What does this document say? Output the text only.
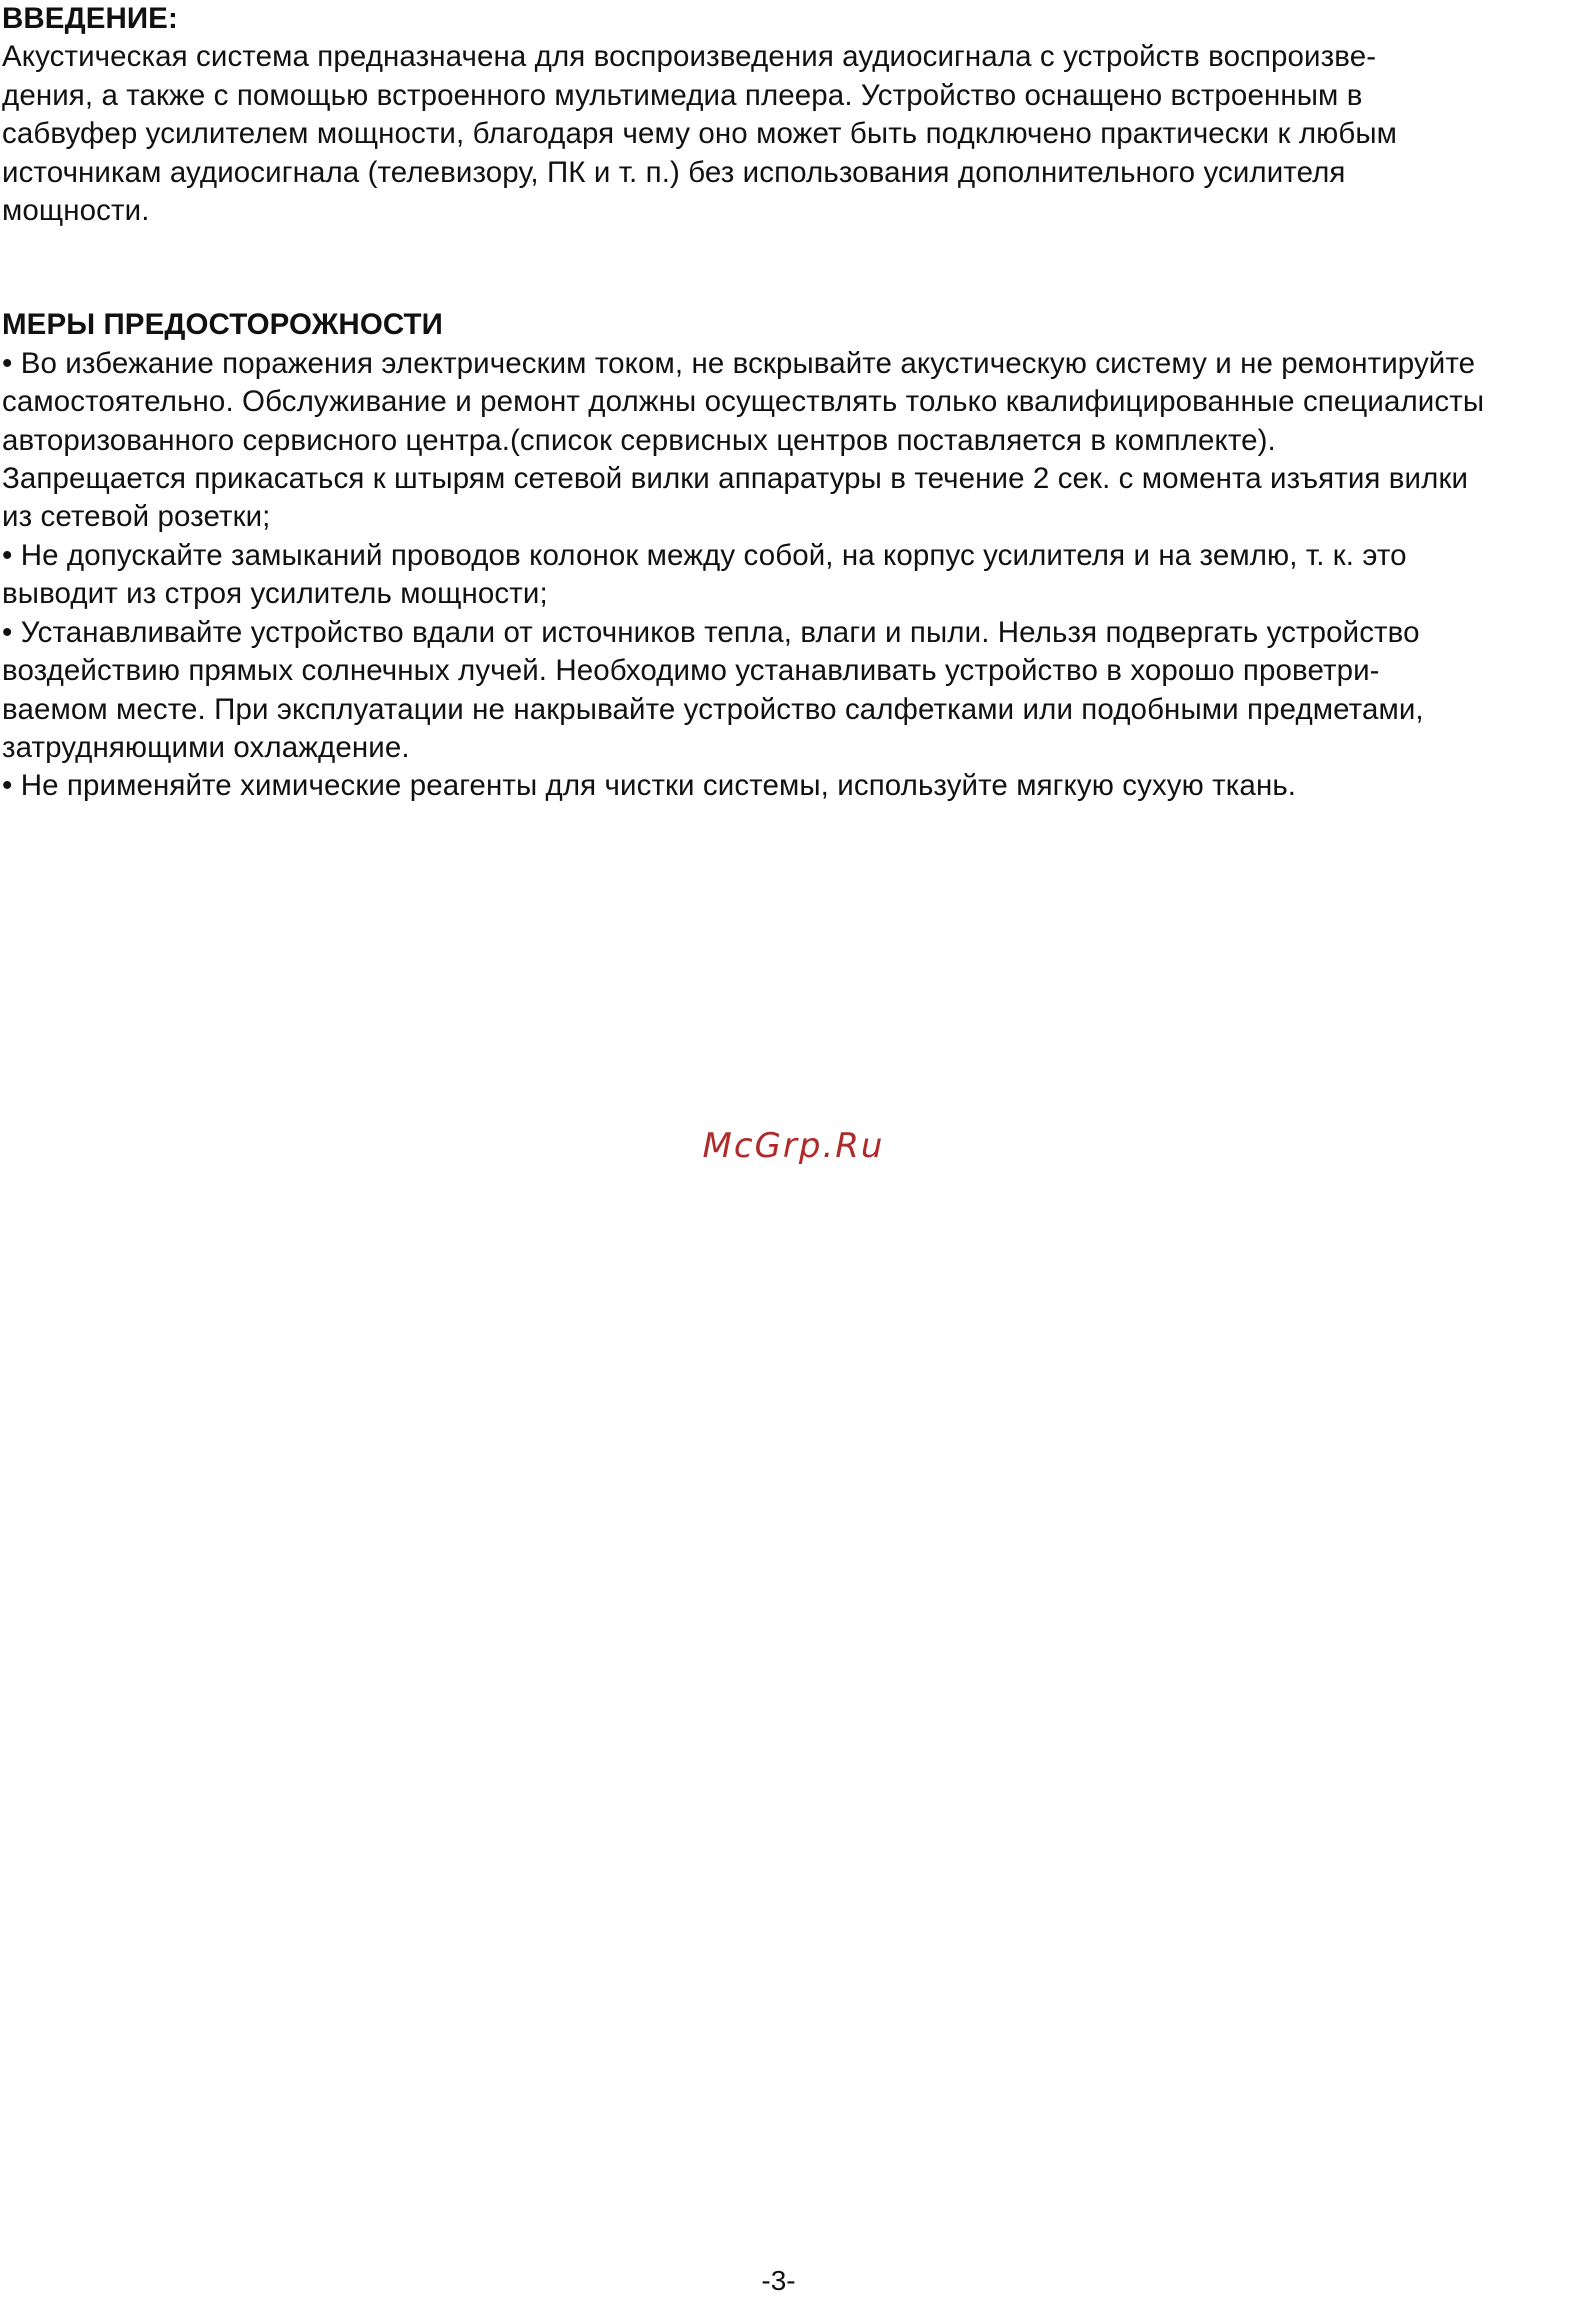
ВВЕДЕНИЕ:
Акустическая система предназначена для воспроизведения аудиосигнала с устройств воспроизве-
дения, а также с помощью встроенного мультимедиа плеера. Устройство оснащено встроенным в
сабвуфер усилителем мощности, благодаря чему оно может быть подключено практически к любым
источникам аудиосигнала (телевизору, ПК и т. п.) без использования дополнительного усилителя
мощности.
МЕРЫ ПРЕДОСТОРОЖНОСТИ
• Во избежание поражения электрическим током, не вскрывайте акустическую систему и не ремонтируйте
самостоятельно. Обслуживание и ремонт должны осуществлять только квалифицированные специалисты
авторизованного сервисного центра.(список сервисных центров поставляется в комплекте).
Запрещается прикасаться к штырям сетевой вилки аппаратуры в течение 2 сек. с момента изъятия вилки
из сетевой розетки;
• Не допускайте замыканий проводов колонок между собой, на корпус усилителя и на землю, т. к. это
выводит из строя усилитель мощности;
• Устанавливайте устройство вдали от источников тепла, влаги и пыли. Нельзя подвергать устройство
воздействию прямых солнечных лучей. Необходимо устанавливать устройство в хорошо проветри-
ваемом месте. При эксплуатации не накрывайте устройство салфетками или подобными предметами,
затрудняющими охлаждение.
• Не применяйте химические реагенты для чистки системы, используйте мягкую сухую ткань.
McGrp.Ru
-3-
